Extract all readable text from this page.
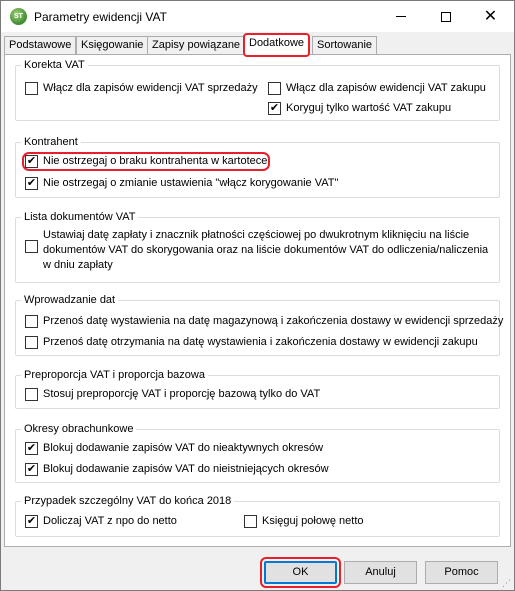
ST Parametry ewidencji VAT	✕
Podstawowe Księgowanie Zapisy powiązane Dodatkowe	Sortowanie
Korekta VAT
Włącz dla zapisów ewidencji VAT sprzedaży	Włącz dla zapisów ewidencji VAT zakupu
✔ Koryguj tylko wartość VAT zakupu
Kontrahent
✔ Nie ostrzegaj o braku kontrahenta w kartotece
✔ Nie ostrzegaj o zmianie ustawienia "włącz korygowanie VAT"
Lista dokumentów VAT
Ustawiaj datę zapłaty i znacznik płatności częściowej po dwukrotnym kliknięciu na liście dokumentów VAT do skorygowania oraz na liście dokumentów VAT do odliczenia/naliczenia w dniu zapłaty
Wprowadzanie dat
Przenoś datę wystawienia na datę magazynową i zakończenia dostawy w ewidencji sprzedaży
Przenoś datę otrzymania na datę wystawienia i zakończenia dostawy w ewidencji zakupu
Preproporcja VAT i proporcja bazowa
Stosuj preproporcję VAT i proporcję bazową tylko do VAT
Okresy obrachunkowe
✔ Blokuj dodawanie zapisów VAT do nieaktywnych okresów
✔ Blokuj dodawanie zapisów VAT do nieistniejących okresów
Przypadek szczególny VAT do końca 2018
✔ Doliczaj VAT z npo do netto	Księguj połowę netto
OK	Anuluj	Pomoc
⋰
